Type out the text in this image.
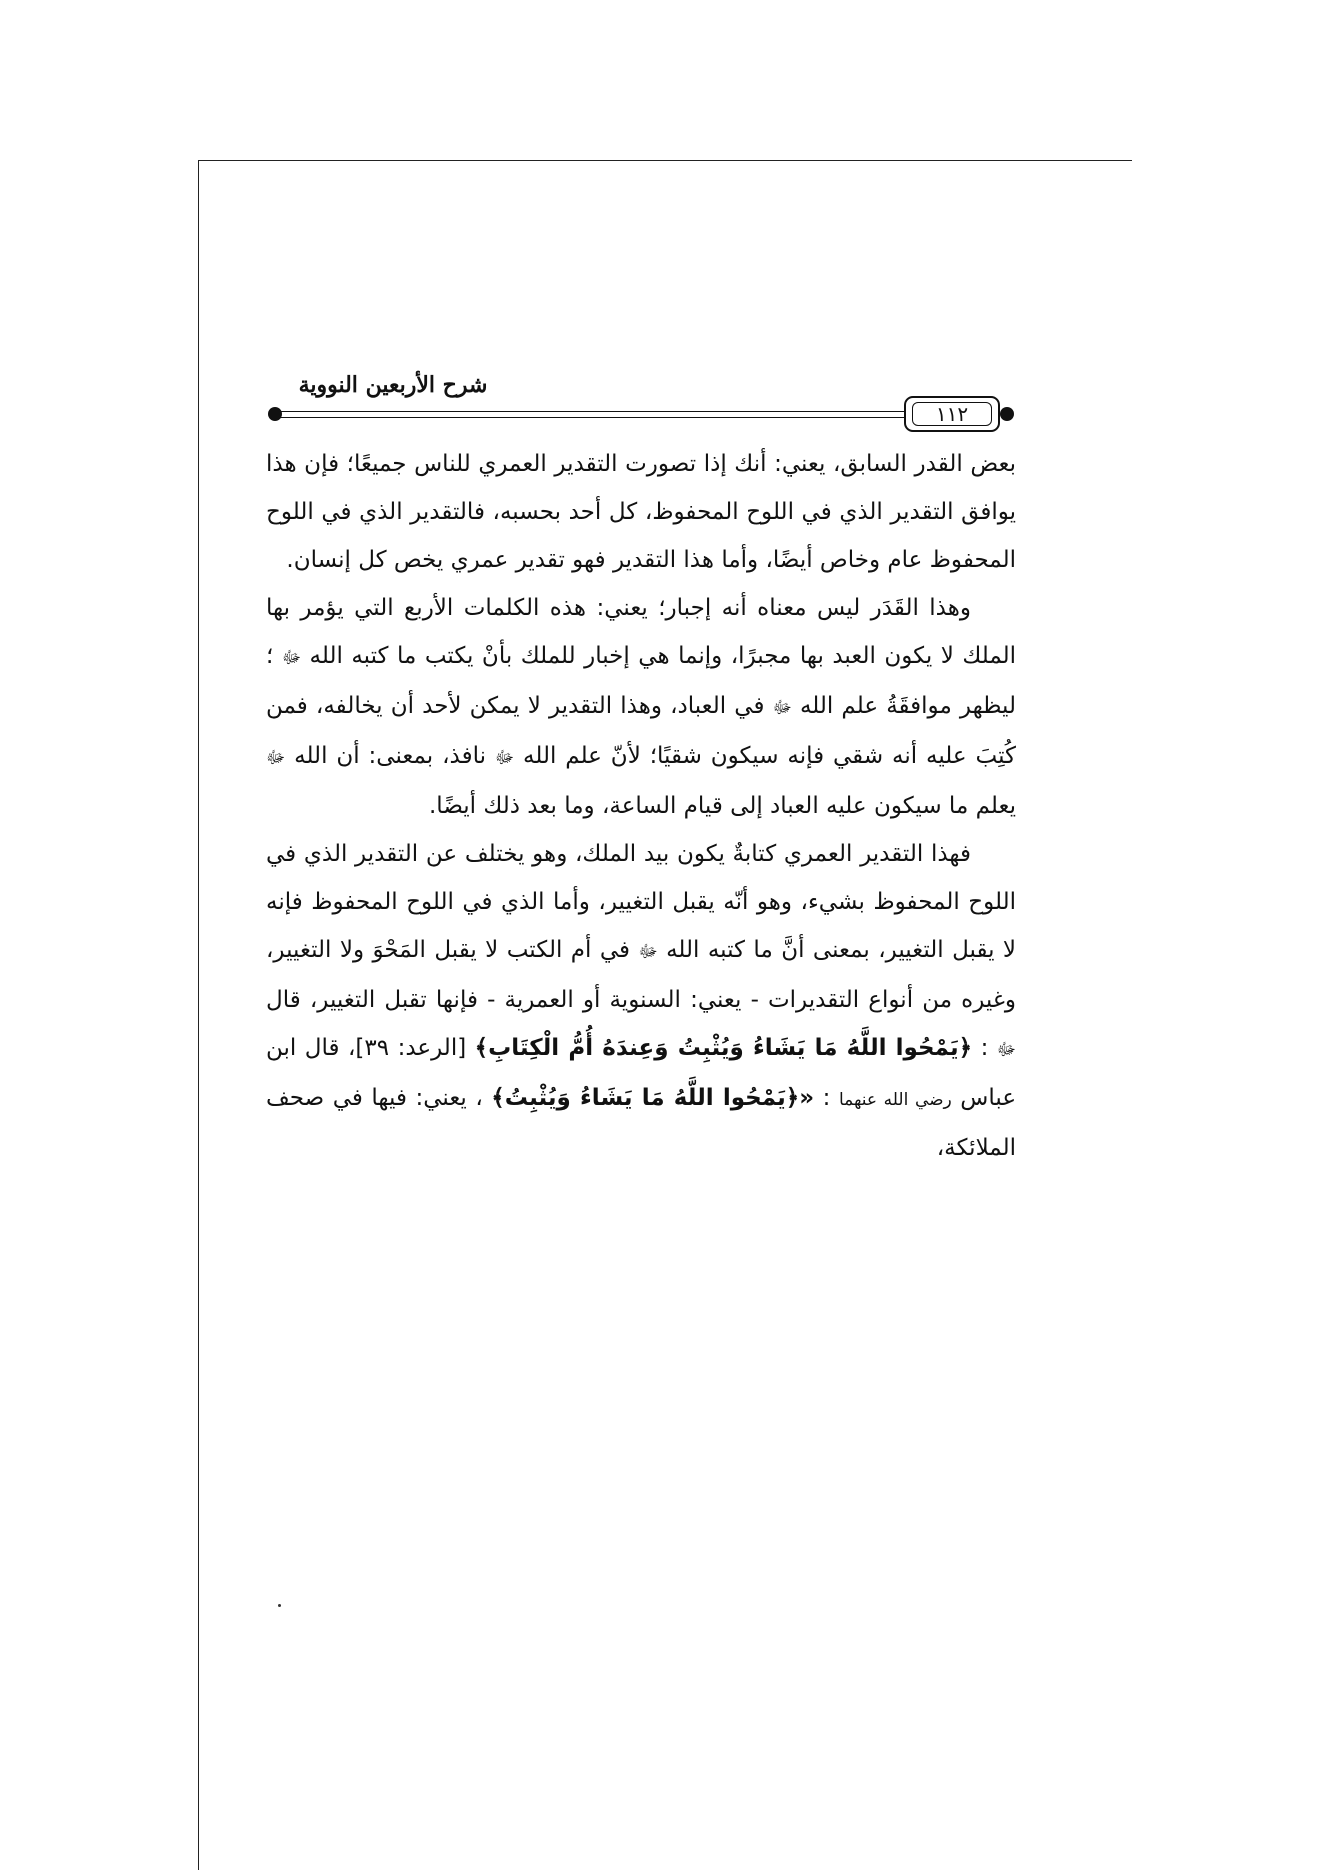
شرح الأربعين النووية
١١٢

بعض القدر السابق، يعني: أنك إذا تصورت التقدير العمري للناس جميعًا؛ فإن هذا يوافق التقدير الذي في اللوح المحفوظ، كل أحد بحسبه، فالتقدير الذي في اللوح المحفوظ عام وخاص أيضًا، وأما هذا التقدير فهو تقدير عمري يخص كل إنسان.

وهذا القَدَر ليس معناه أنه إجبار؛ يعني: هذه الكلمات الأربع التي يؤمر بها الملك لا يكون العبد بها مجبرًا، وإنما هي إخبار للملك بأنْ يكتب ما كتبه الله ﷻ ؛ ليظهر موافقَةُ علم الله ﷻ في العباد، وهذا التقدير لا يمكن لأحد أن يخالفه، فمن كُتِبَ عليه أنه شقي فإنه سيكون شقيًا؛ لأنّ علم الله ﷻ نافذ، بمعنى: أن الله ﷻ يعلم ما سيكون عليه العباد إلى قيام الساعة، وما بعد ذلك أيضًا.

فهذا التقدير العمري كتابةٌ يكون بيد الملك، وهو يختلف عن التقدير الذي في اللوح المحفوظ بشيء، وهو أنّه يقبل التغيير، وأما الذي في اللوح المحفوظ فإنه لا يقبل التغيير، بمعنى أنَّ ما كتبه الله ﷻ في أم الكتب لا يقبل المَحْوَ ولا التغيير، وغيره من أنواع التقديرات - يعني: السنوية أو العمرية - فإنها تقبل التغيير، قال ﷻ : ﴿يَمْحُوا اللَّهُ مَا يَشَاءُ وَيُثْبِتُ وَعِندَهُ أُمُّ الْكِتَابِ﴾ [الرعد: ٣٩]، قال ابن عباس رضي الله عنهما : «﴿يَمْحُوا اللَّهُ مَا يَشَاءُ وَيُثْبِتُ﴾ ، يعني: فيها في صحف الملائكة،
